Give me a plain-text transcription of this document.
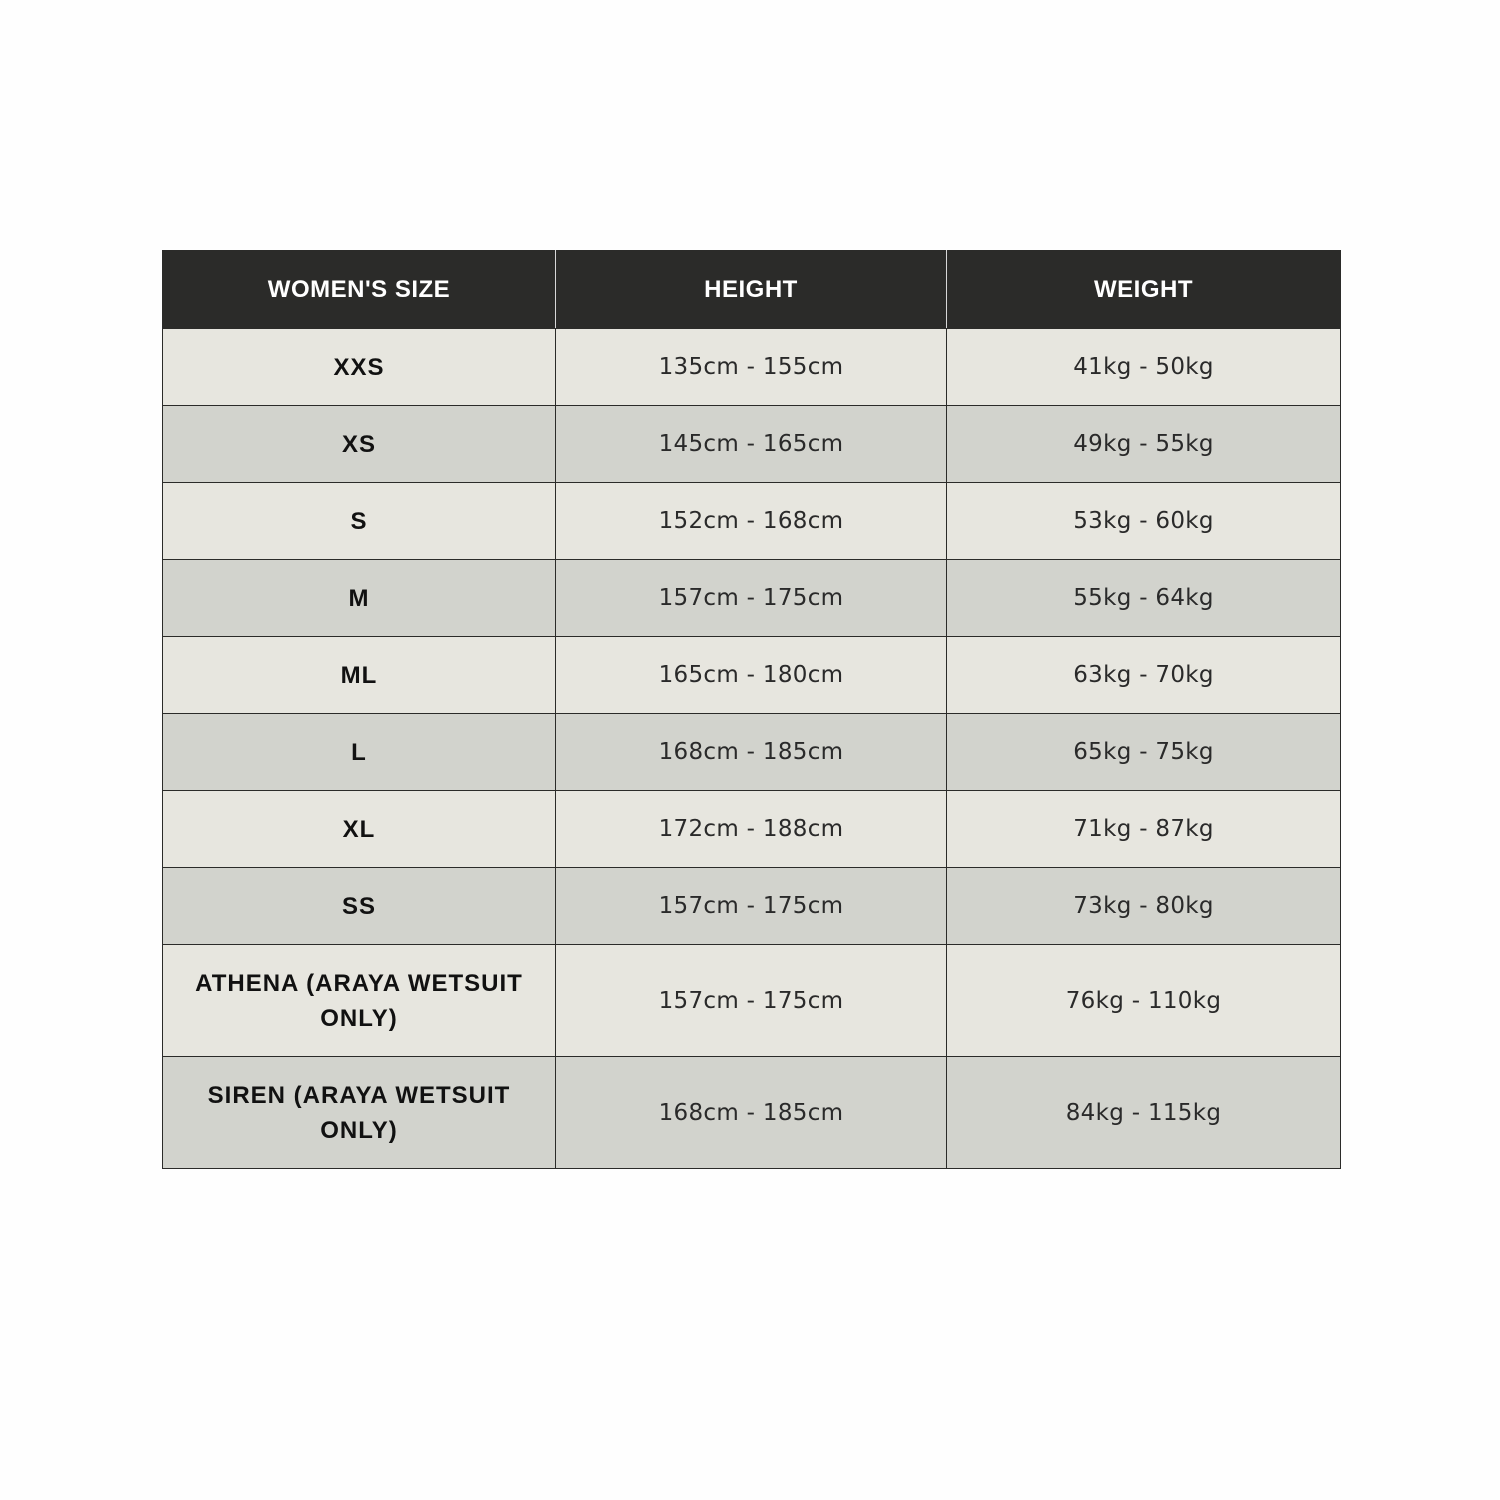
WOMEN'S SIZE	HEIGHT	WEIGHT
XXS	135cm - 155cm	41kg - 50kg
XS	145cm - 165cm	49kg - 55kg
S	152cm - 168cm	53kg - 60kg
M	157cm - 175cm	55kg - 64kg
ML	165cm - 180cm	63kg - 70kg
L	168cm - 185cm	65kg - 75kg
XL	172cm - 188cm	71kg - 87kg
SS	157cm - 175cm	73kg - 80kg
ATHENA (ARAYA WETSUIT ONLY)	157cm - 175cm	76kg - 110kg
SIREN (ARAYA WETSUIT ONLY)	168cm - 185cm	84kg - 115kg
